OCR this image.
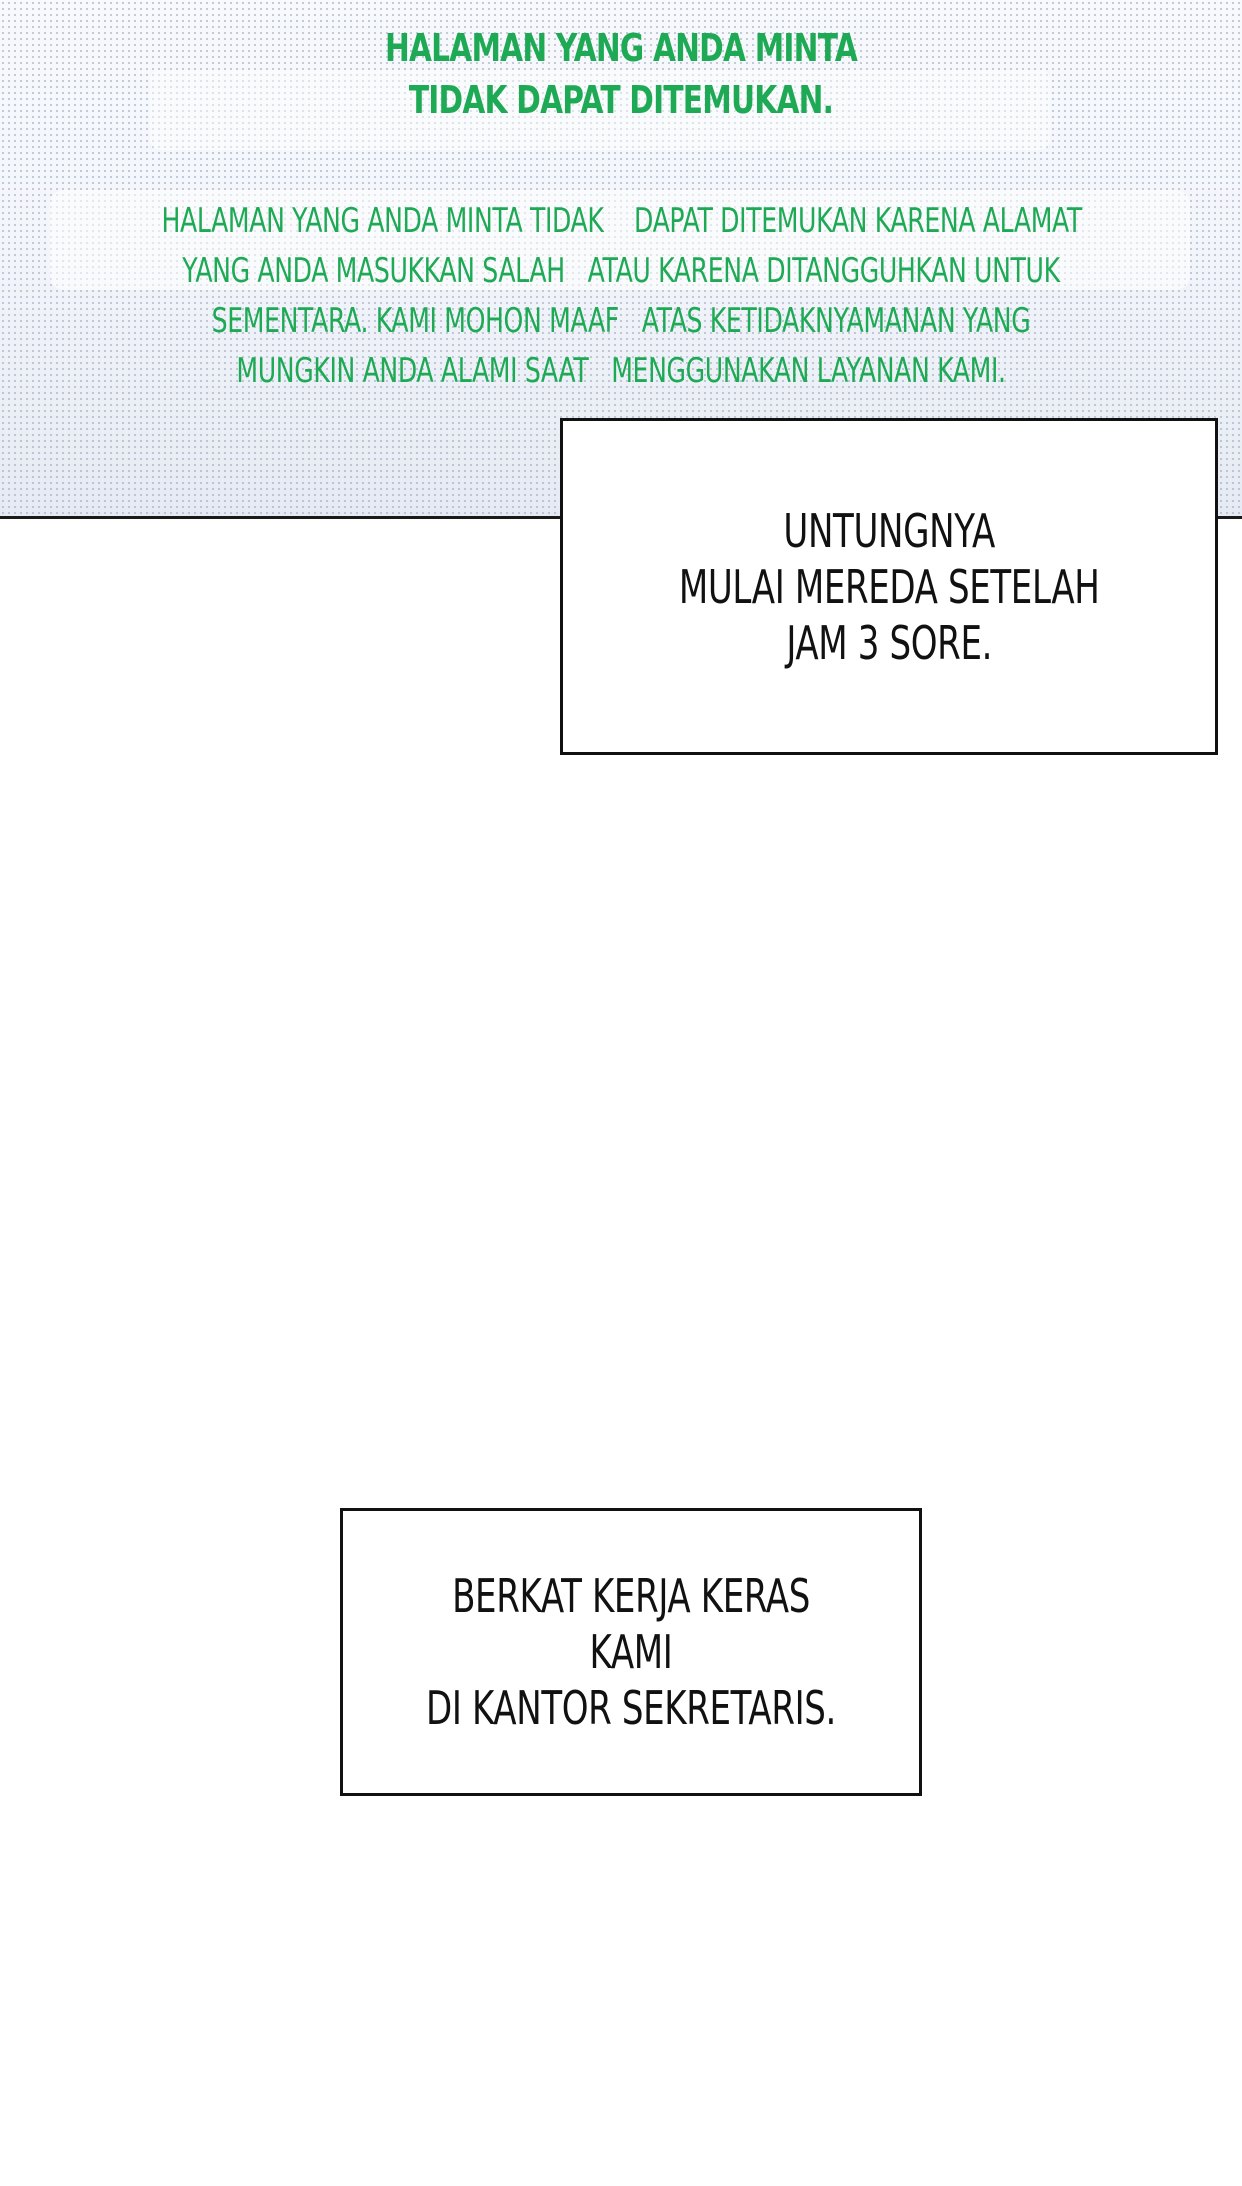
HALAMAN YANG ANDA MINTA
TIDAK DAPAT DITEMUKAN.
HALAMAN YANG ANDA MINTA TIDAK    DAPAT DITEMUKAN KARENA ALAMAT
YANG ANDA MASUKKAN SALAH   ATAU KARENA DITANGGUHKAN UNTUK
SEMENTARA. KAMI MOHON MAAF   ATAS KETIDAKNYAMANAN YANG
MUNGKIN ANDA ALAMI SAAT   MENGGUNAKAN LAYANAN KAMI.
UNTUNGNYA
MULAI MEREDA SETELAH
JAM 3 SORE.
BERKAT KERJA KERAS KAMI
DI KANTOR SEKRETARIS.
